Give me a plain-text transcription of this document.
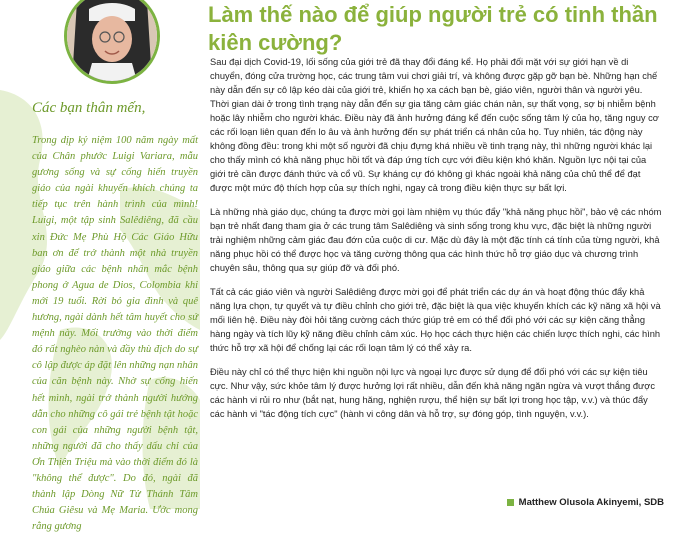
Các bạn thân mến,
Trong dịp kỷ niệm 100 năm ngày mất của Chân phước Luigi Variara, mẫu gương sống và sự cống hiến truyền giáo của ngài khuyến khích chúng ta tiếp tục trên hành trình của mình! Luigi, một tập sinh Salêdiêng, đã cầu xin Đức Mẹ Phù Hộ Các Giáo Hữu ban ơn để trở thành một nhà truyền giáo giữa các bệnh nhân mắc bệnh phong ở Agua de Dios, Colombia khi mới 19 tuổi. Rời bỏ gia đình và quê hương, ngài dành hết tâm huyết cho sứ mệnh này. Mối trường vào thời điểm đó rất nghèo nàn và đầy thù địch do sự cô lập được áp đặt lên những nạn nhân của căn bệnh này. Nhờ sự cống hiến hết mình, ngài trở thành người hướng dẫn cho những cô gái trẻ bệnh tật hoặc con gái của những người bệnh tật, những người đã cho thấy dấu chỉ của Ơn Thiên Triệu mà vào thời điểm đó là "không thể được". Do đó, ngài đã thành lập Dòng Nữ Tử Thánh Tâm Chúa Giêsu và Mẹ Maria. Ước mong rằng gương
Làm thế nào để giúp người trẻ có tinh thần kiên cường?

Sau đại dịch Covid-19, lối sống của giới trẻ đã thay đổi đáng kể. Họ phải đối mặt với sự giới hạn về di chuyển, đóng cửa trường học, các trung tâm vui chơi giải trí, và không được gặp gỡ bạn bè. Những hạn chế này dẫn đến sự cô lập kéo dài của giới trẻ, khiến họ xa cách bạn bè, giáo viên, người thân và người yêu. Thời gian dài ở trong tình trạng này dẫn đến sự gia tăng cảm giác chán nản, sự thất vọng, sợ bị nhiễm bệnh hoặc lây nhiễm cho người khác. Điều này đã ảnh hưởng đáng kể đến cuộc sống tâm lý của họ, tăng nguy cơ các rối loạn liên quan đến lo âu và ảnh hưởng đến sự phát triển cá nhân của họ. Tuy nhiên, tác động này không đồng đều: trong khi một số người đã chịu đựng khá nhiều về tinh trạng này, thì những người khác lại cho thấy mình có khả năng phục hồi tốt và đáp ứng tích cực với điều kiện khó khăn. Nguồn lực nội tại của giới trẻ cần được đánh thức và cổ vũ. Sự kháng cự đó không gì khác ngoài khả năng của chủ thể để đạt được một mức độ thích hợp của sự thích nghi, ngay cả trong điều kiện thực sự bất lợi.

Là những nhà giáo dục, chúng ta được mời gọi làm nhiệm vụ thúc đẩy "khả năng phục hồi", bảo vệ các nhóm bạn trẻ nhất đang tham gia ở các trung tâm Salêdiêng và sinh sống trong khu vực, đặc biệt là những người trải nghiệm những cảm giác đau đớn của cuộc di cư. Mặc dù đây là một đặc tính cá tính của từng người, khả năng phục hồi có thể được học và tăng cường thông qua các hình thức hỗ trợ giáo dục và chương trình chuyên sâu, thông qua sự giúp đỡ và đối phó.

Tất cả các giáo viên và người Salêdiêng được mời gọi để phát triển các dự án và hoạt động thúc đẩy khả năng lựa chọn, tự quyết và tự điều chỉnh cho giới trẻ, đặc biệt là qua việc khuyến khích các kỹ năng xã hội và mối liên hệ. Điều này đòi hỏi tăng cường cách thức giúp trẻ em có thể đối phó với các sự kiện căng thẳng hàng ngày và tích lũy kỹ năng điều chỉnh cảm xúc. Họ học cách thực hiện các chiến lược thích nghi, các hình thức hỗ trợ xã hội để chống lại các rối loạn tâm lý có thể xảy ra.

Điều này chỉ có thể thực hiện khi nguồn nội lực và ngoại lực được sử dụng để đối phó với các sự kiện tiêu cực. Như vậy, sức khỏe tâm lý được hưởng lợi rất nhiều, dẫn đến khả năng ngăn ngừa và vượt thắng được các hành vi rủi ro như (bắt nạt, hung hăng, nghiện rượu, thể hiện sự bất lợi trong học tập, v.v.) và thúc đẩy các hành vi "tác động tích cực" (hành vi công dân và hỗ trợ, sự đóng góp, tình nguyện, v.v.).

Matthew Olusola Akinyemi, SDB
